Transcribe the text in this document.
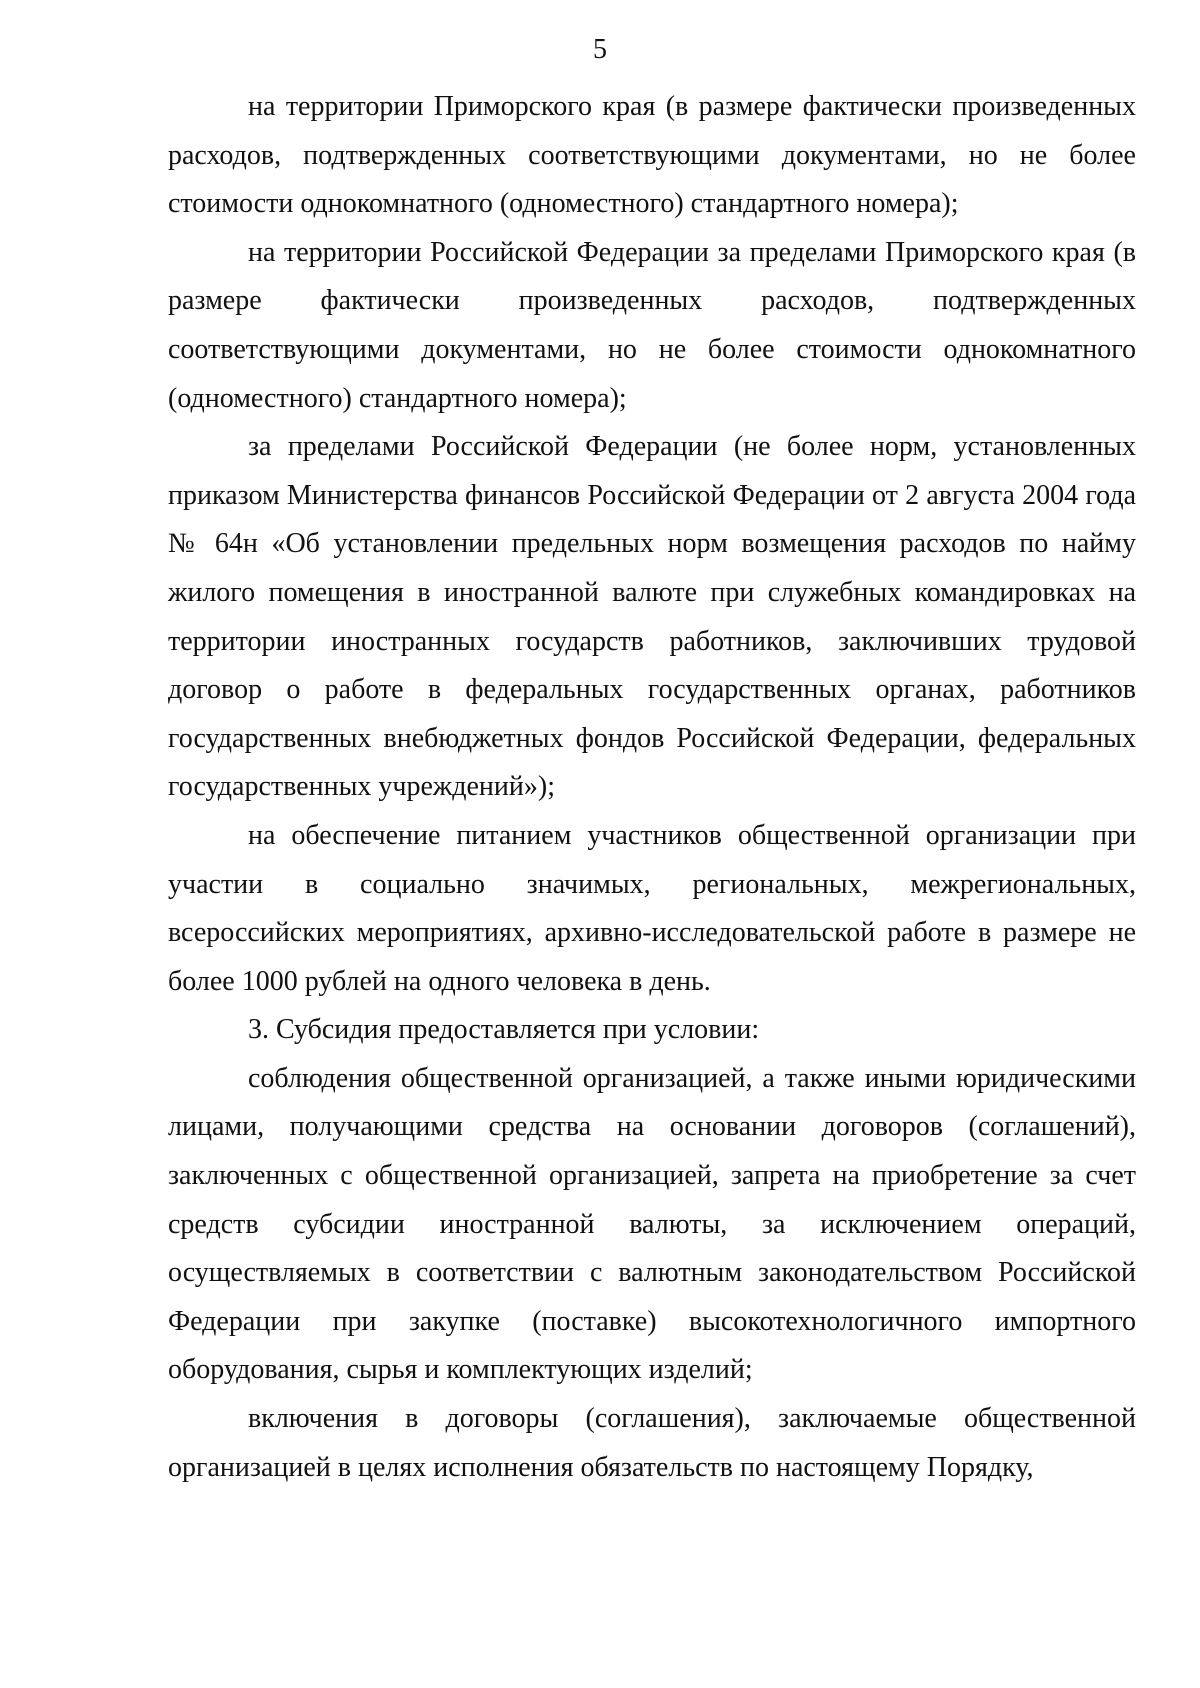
5

на территории Приморского края (в размере фактически произведенных расходов, подтвержденных соответствующими документами, но не более стоимости однокомнатного (одноместного) стандартного номера);

на территории Российской Федерации за пределами Приморского края (в размере фактически произведенных расходов, подтвержденных соответствующими документами, но не более стоимости однокомнатного (одноместного) стандартного номера);

за пределами Российской Федерации (не более норм, установленных приказом Министерства финансов Российской Федерации от 2 августа 2004 года № 64н «Об установлении предельных норм возмещения расходов по найму жилого помещения в иностранной валюте при служебных командировках на территории иностранных государств работников, заключивших трудовой договор о работе в федеральных государственных органах, работников государственных внебюджетных фондов Российской Федерации, федеральных государственных учреждений»);

на обеспечение питанием участников общественной организации при участии в социально значимых, региональных, межрегиональных, всероссийских мероприятиях, архивно-исследовательской работе в размере не более 1000 рублей на одного человека в день.

3. Субсидия предоставляется при условии:

соблюдения общественной организацией, а также иными юридическими лицами, получающими средства на основании договоров (соглашений), заключенных с общественной организацией, запрета на приобретение за счет средств субсидии иностранной валюты, за исключением операций, осуществляемых в соответствии с валютным законодательством Российской Федерации при закупке (поставке) высокотехнологичного импортного оборудования, сырья и комплектующих изделий;

включения в договоры (соглашения), заключаемые общественной организацией в целях исполнения обязательств по настоящему Порядку,
